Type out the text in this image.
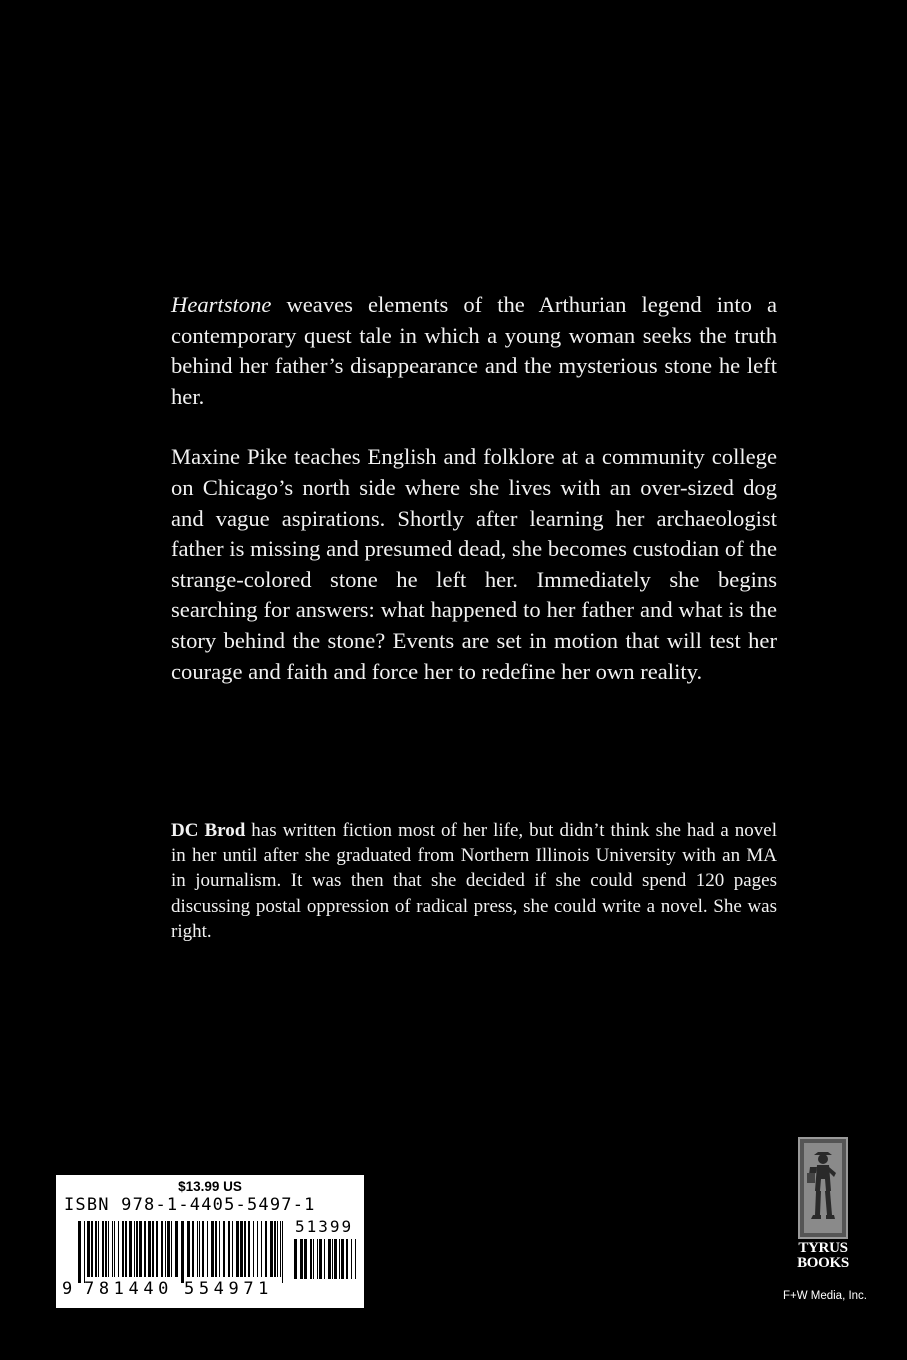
Heartstone weaves elements of the Arthurian legend into a contemporary quest tale in which a young woman seeks the truth behind her father’s disappearance and the mysterious stone he left her.

Maxine Pike teaches English and folklore at a community college on Chicago’s north side where she lives with an over-sized dog and vague aspirations. Shortly after learning her archaeologist father is missing and presumed dead, she becomes custodian of the strange-colored stone he left her. Immediately she begins searching for answers: what happened to her father and what is the story behind the stone? Events are set in motion that will test her courage and faith and force her to redefine her own reality.

DC Brod has written fiction most of her life, but didn’t think she had a novel in her until after she graduated from Northern Illinois University with an MA in journalism. It was then that she decided if she could spend 120 pages discussing postal oppression of radical press, she could write a novel. She was right.

$13.99 US
ISBN 978-1-4405-5497-1
51399
9 781440 554971
TYRUS
BOOKS
F+W Media, Inc.
